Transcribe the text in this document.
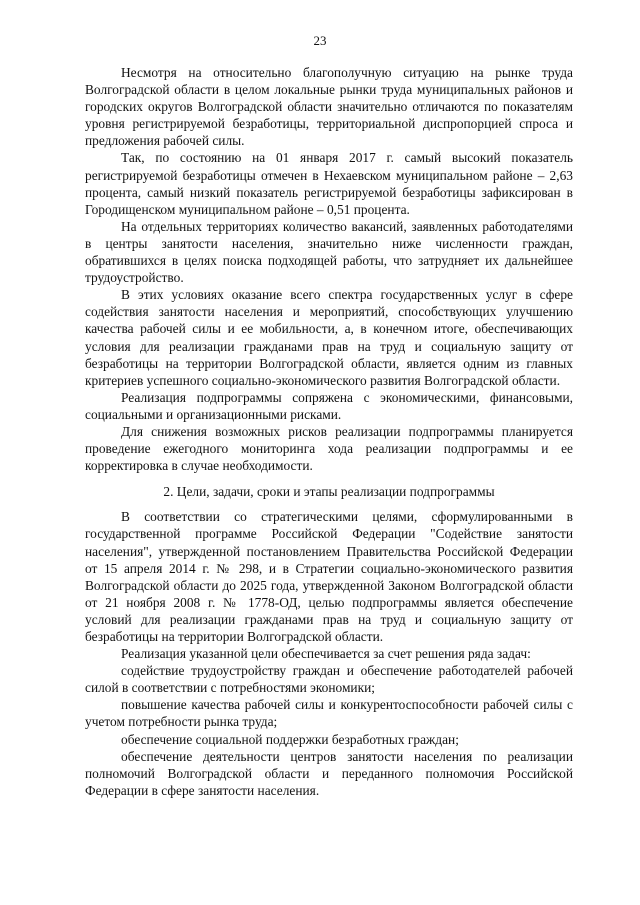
23

Несмотря на относительно благополучную ситуацию на рынке труда Волгоградской области в целом локальные рынки труда муниципальных районов и городских округов Волгоградской области значительно отличаются по показателям уровня регистрируемой безработицы, территориальной диспропорцией спроса и предложения рабочей силы.

Так, по состоянию на 01 января 2017 г. самый высокий показатель регистрируемой безработицы отмечен в Нехаевском муниципальном районе – 2,63 процента, самый низкий показатель регистрируемой безработицы зафиксирован в Городищенском муниципальном районе – 0,51 процента.

На отдельных территориях количество вакансий, заявленных работодателями в центры занятости населения, значительно ниже численности граждан, обратившихся в целях поиска подходящей работы, что затрудняет их дальнейшее трудоустройство.

В этих условиях оказание всего спектра государственных услуг в сфере содействия занятости населения и мероприятий, способствующих улучшению качества рабочей силы и ее мобильности, а, в конечном итоге, обеспечивающих условия для реализации гражданами прав на труд и социальную защиту от безработицы на территории Волгоградской области, является одним из главных критериев успешного социально-экономического развития Волгоградской области.

Реализация подпрограммы сопряжена с экономическими, финансовыми, социальными и организационными рисками.

Для снижения возможных рисков реализации подпрограммы планируется проведение ежегодного мониторинга хода реализации подпрограммы и ее корректировка в случае необходимости.

2. Цели, задачи, сроки и этапы реализации подпрограммы

В соответствии со стратегическими целями, сформулированными в государственной программе Российской Федерации "Содействие занятости населения", утвержденной постановлением Правительства Российской Федерации от 15 апреля 2014 г. № 298, и в Стратегии социально-экономического развития Волгоградской области до 2025 года, утвержденной Законом Волгоградской области от 21 ноября 2008 г. № 1778-ОД, целью подпрограммы является обеспечение условий для реализации гражданами прав на труд и социальную защиту от безработицы на территории Волгоградской области.

Реализация указанной цели обеспечивается за счет решения ряда задач:

содействие трудоустройству граждан и обеспечение работодателей рабочей силой в соответствии с потребностями экономики;

повышение качества рабочей силы и конкурентоспособности рабочей силы с учетом потребности рынка труда;

обеспечение социальной поддержки безработных граждан;

обеспечение деятельности центров занятости населения по реализации полномочий Волгоградской области и переданного полномочия Российской Федерации в сфере занятости населения.
